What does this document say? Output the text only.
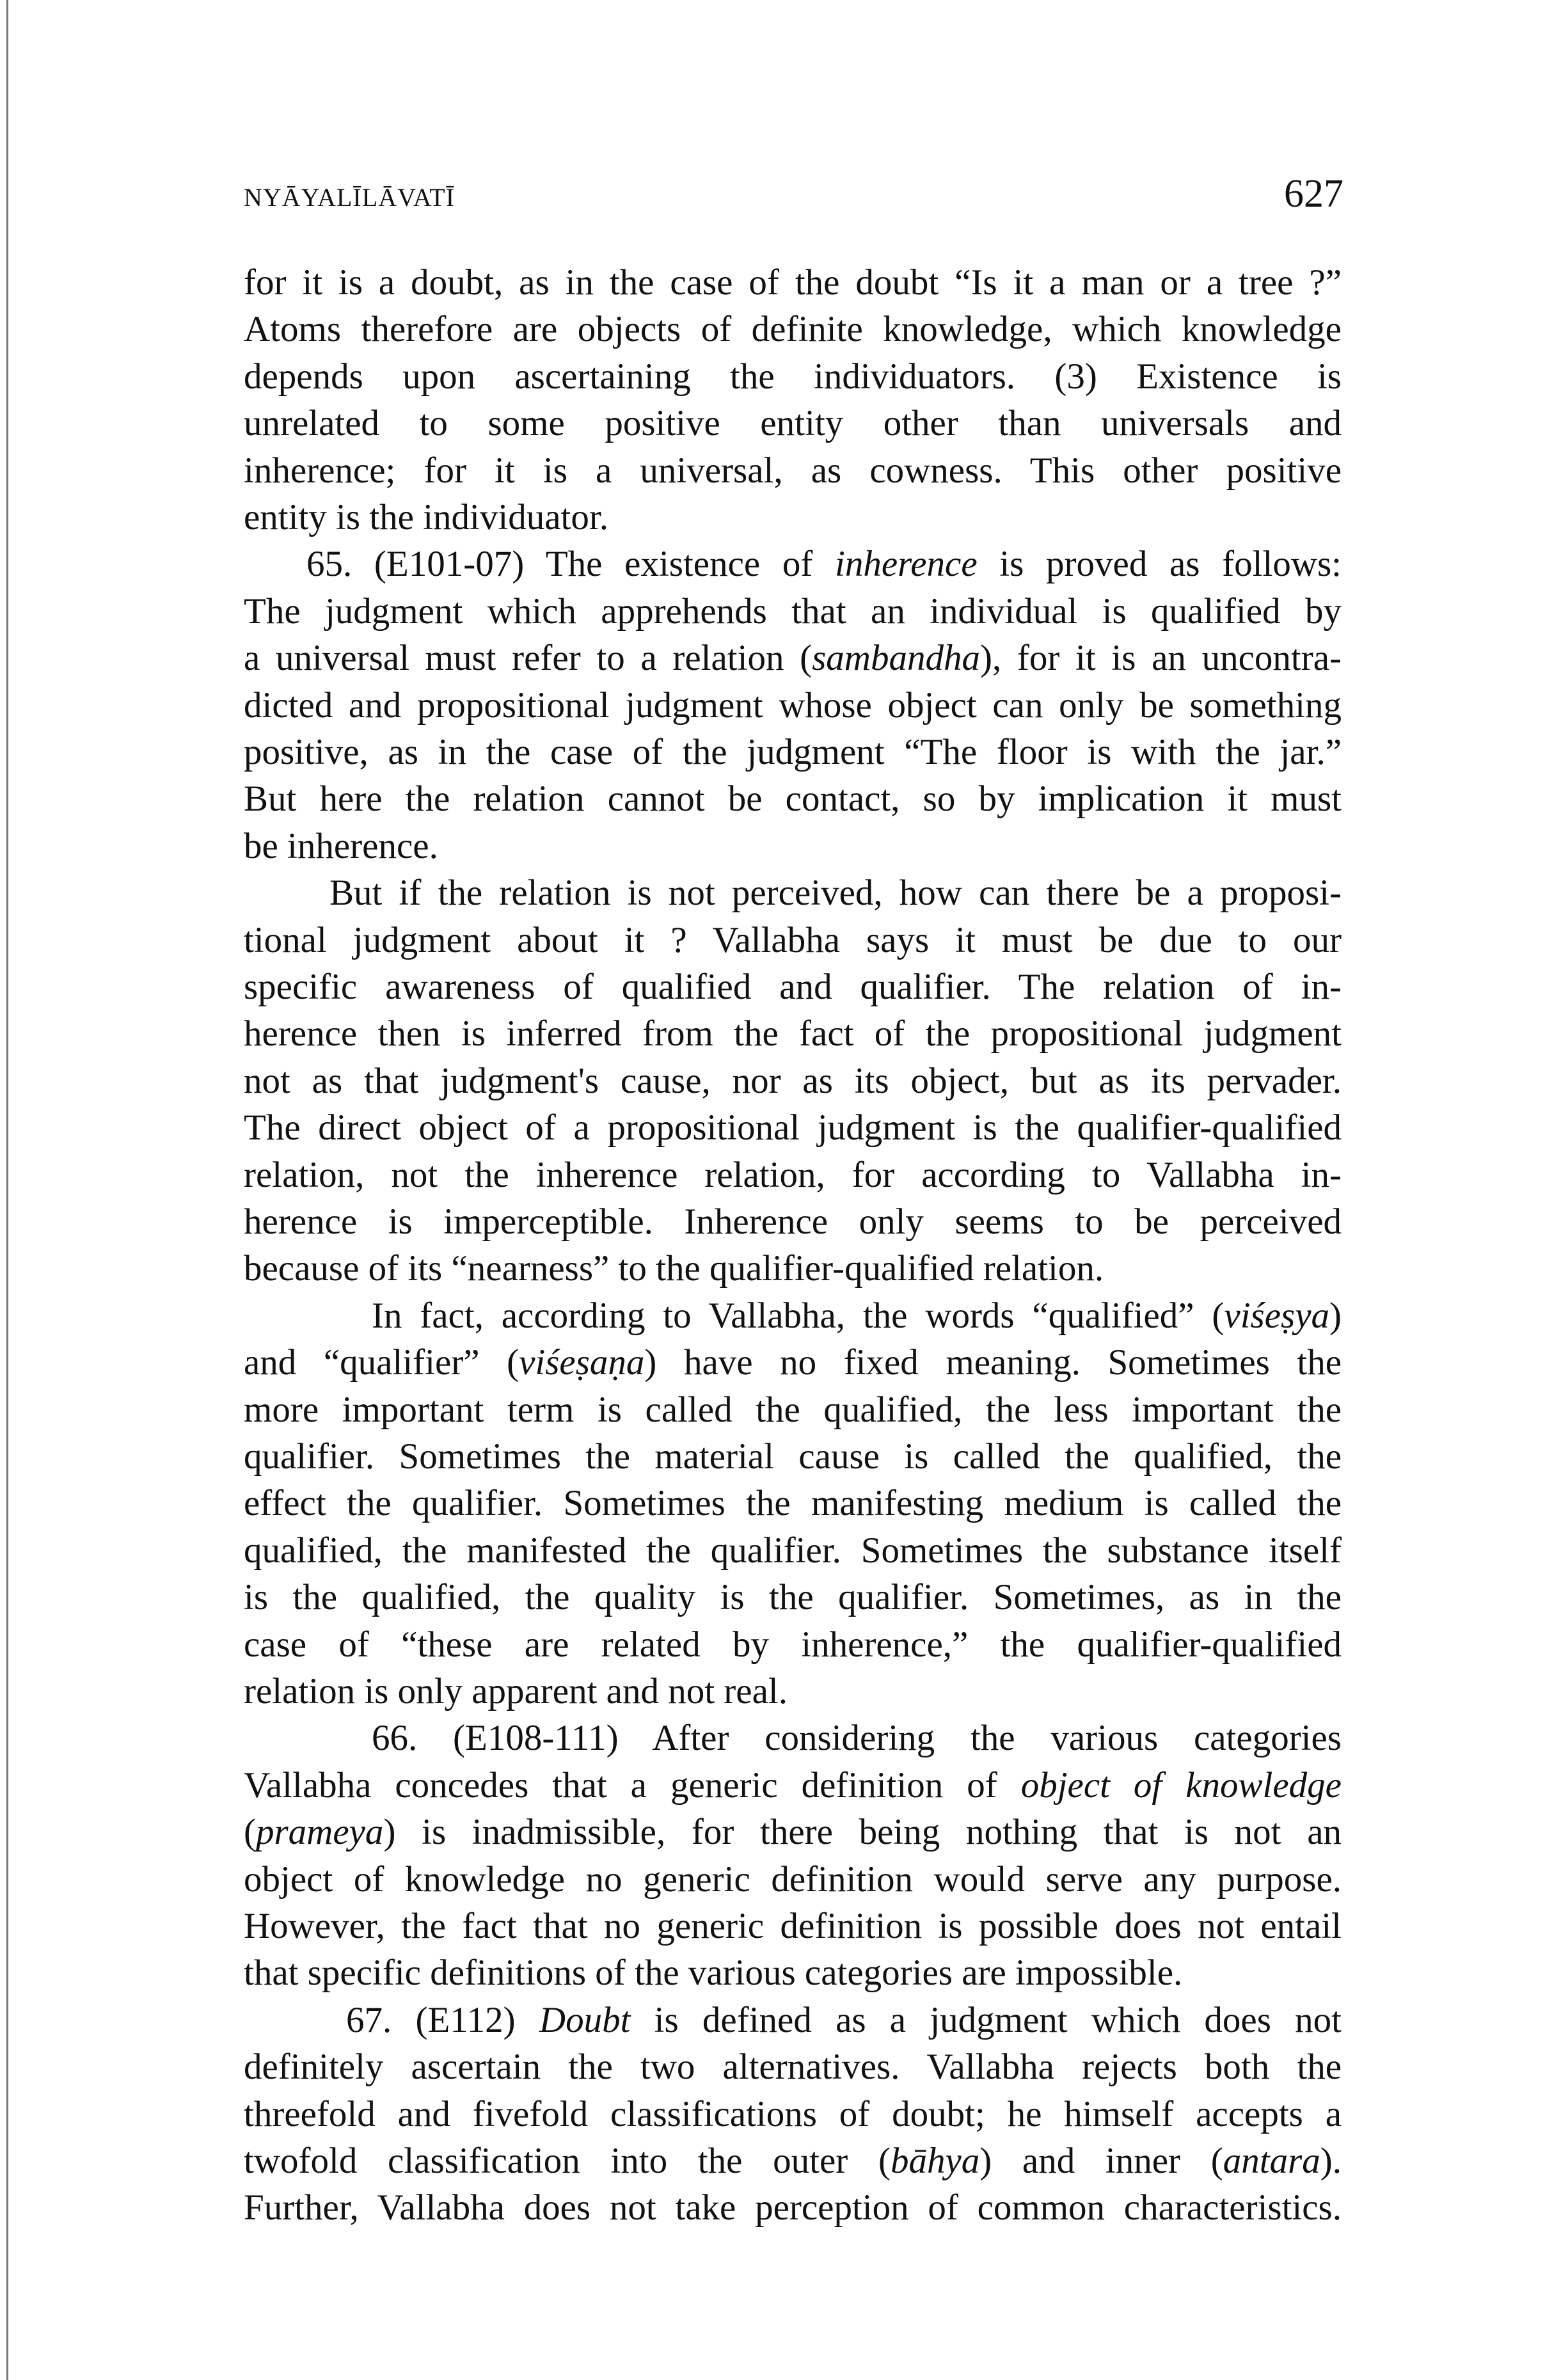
NYĀYALĪLĀVATĪ	627
for it is a doubt, as in the case of the doubt “Is it a man or a tree ?”
Atoms therefore are objects of definite knowledge, which knowledge
depends upon ascertaining the individuators. (3) Existence is
unrelated to some positive entity other than universals and
inherence; for it is a universal, as cowness. This other positive
entity is the individuator.
65. (E101-07) The existence of inherence is proved as follows:
The judgment which apprehends that an individual is qualified by
a universal must refer to a relation (sambandha), for it is an uncontra-
dicted and propositional judgment whose object can only be something
positive, as in the case of the judgment “The floor is with the jar.”
But here the relation cannot be contact, so by implication it must
be inherence.
But if the relation is not perceived, how can there be a proposi-
tional judgment about it ? Vallabha says it must be due to our
specific awareness of qualified and qualifier. The relation of in-
herence then is inferred from the fact of the propositional judgment
not as that judgment's cause, nor as its object, but as its pervader.
The direct object of a propositional judgment is the qualifier-qualified
relation, not the inherence relation, for according to Vallabha in-
herence is imperceptible. Inherence only seems to be perceived
because of its “nearness” to the qualifier-qualified relation.
In fact, according to Vallabha, the words “qualified” (viśeṣya)
and “qualifier” (viśeṣaṇa) have no fixed meaning. Sometimes the
more important term is called the qualified, the less important the
qualifier. Sometimes the material cause is called the qualified, the
effect the qualifier. Sometimes the manifesting medium is called the
qualified, the manifested the qualifier. Sometimes the substance itself
is the qualified, the quality is the qualifier. Sometimes, as in the
case of “these are related by inherence,” the qualifier-qualified
relation is only apparent and not real.
66. (E108-111) After considering the various categories
Vallabha concedes that a generic definition of object of knowledge
(prameya) is inadmissible, for there being nothing that is not an
object of knowledge no generic definition would serve any purpose.
However, the fact that no generic definition is possible does not entail
that specific definitions of the various categories are impossible.
67. (E112) Doubt is defined as a judgment which does not
definitely ascertain the two alternatives. Vallabha rejects both the
threefold and fivefold classifications of doubt; he himself accepts a
twofold classification into the outer (bāhya) and inner (antara).
Further, Vallabha does not take perception of common characteristics.
